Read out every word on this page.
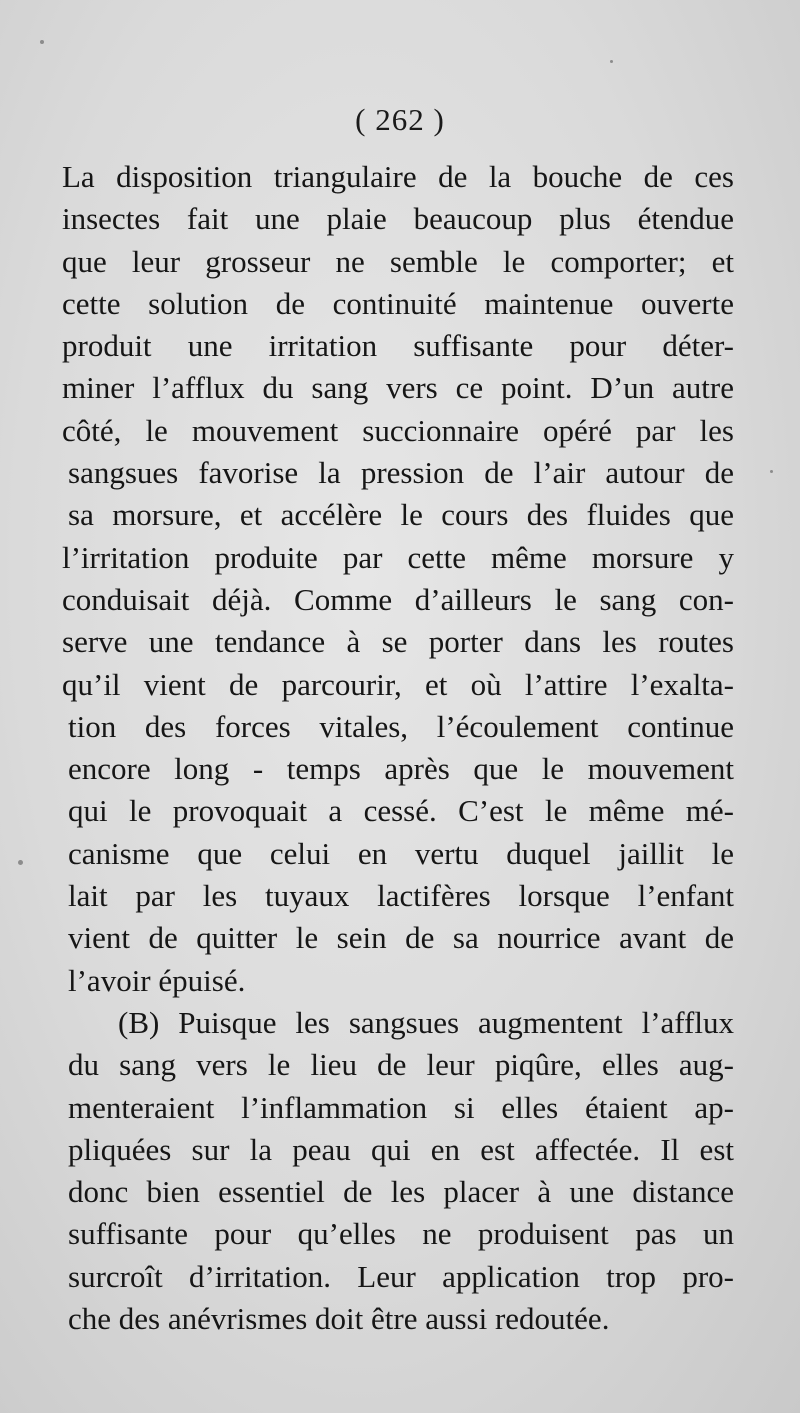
( 262 )
La disposition triangulaire de la bouche de ces
insectes fait une plaie beaucoup plus étendue
que leur grosseur ne semble le comporter; et
cette solution de continuité maintenue ouverte
produit une irritation suffisante pour déter-
miner l’afflux du sang vers ce point. D’un autre
côté, le mouvement succionnaire opéré par les
sangsues favorise la pression de l’air autour de
sa morsure, et accélère le cours des fluides que
l’irritation produite par cette même morsure y
conduisait déjà. Comme d’ailleurs le sang con-
serve une tendance à se porter dans les routes
qu’il vient de parcourir, et où l’attire l’exalta-
tion des forces vitales, l’écoulement continue
encore long - temps après que le mouvement
qui le provoquait a cessé. C’est le même mé-
canisme que celui en vertu duquel jaillit le
lait par les tuyaux lactifères lorsque l’enfant
vient de quitter le sein de sa nourrice avant de
l’avoir épuisé.
(B) Puisque les sangsues augmentent l’afflux
du sang vers le lieu de leur piqûre, elles aug-
menteraient l’inflammation si elles étaient ap-
pliquées sur la peau qui en est affectée. Il est
donc bien essentiel de les placer à une distance
suffisante pour qu’elles ne produisent pas un
surcroît d’irritation. Leur application trop pro-
che des anévrismes doit être aussi redoutée.
